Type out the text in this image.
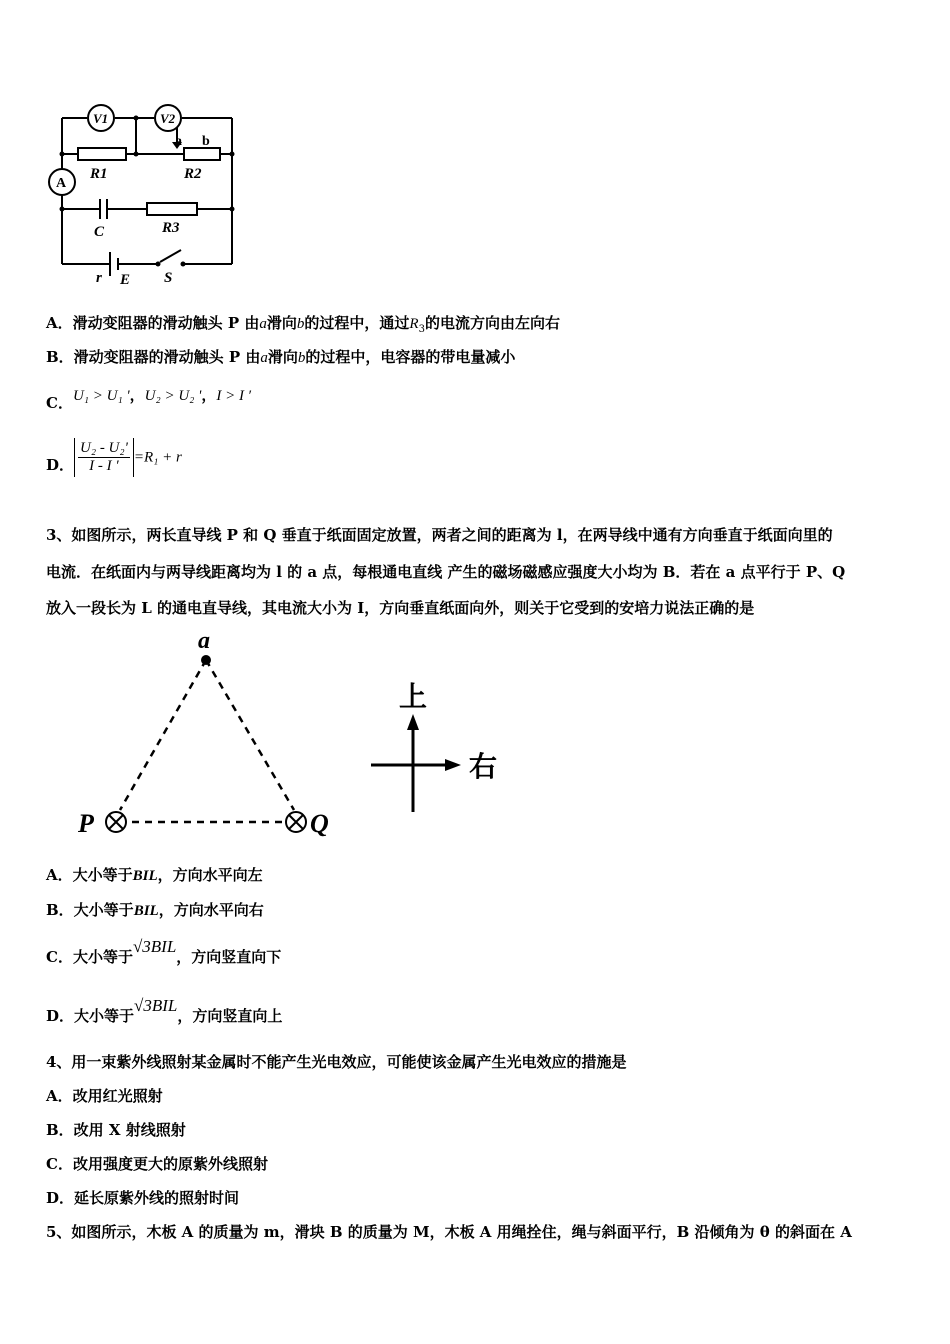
V1	V2
A
a b
R1	R2
C	R3
r E S
A．滑动变阻器的滑动触头 P 由a滑向b的过程中，通过$R_3$的电流方向由左向右
B．滑动变阻器的滑动触头 P 由a滑向b的过程中，电容器的带电量减小
C．U₁ > U₁ '，U₂ > U₂ '，I > I ′
D． $\frac{\text{U₂ - U₂'}}{I - I '} =R_1 + r$
3、如图所示，两长直导线 P 和 Q 垂直于纸面固定放置，两者之间的距离为 l，在两导线中通有方向垂直于纸面向里的
电流．在纸面内与两导线距离均为 l 的 a 点，每根通电直线 产生的磁场磁感应强度大小均为 B．若在 a 点平行于 P、Q
放入一段长为 L 的通电直导线，其电流大小为 I，方向垂直纸面向外，则关于它受到的安培力说法正确的是
a
P	Q
上
右
A．大小等于BIL，方向水平向左
B．大小等于BIL，方向水平向右
C．大小等于√3BIL，方向竖直向下
D．大小等于√3BIL，方向竖直向上
4、用一束紫外线照射某金属时不能产生光电效应，可能使该金属产生光电效应的措施是
A．改用红光照射
B．改用 X 射线照射
C．改用强度更大的原紫外线照射
D．延长原紫外线的照射时间
5、如图所示，木板 A 的质量为 m，滑块 B 的质量为 M，木板 A 用绳拴住，绳与斜面平行，B 沿倾角为 θ 的斜面在 A
